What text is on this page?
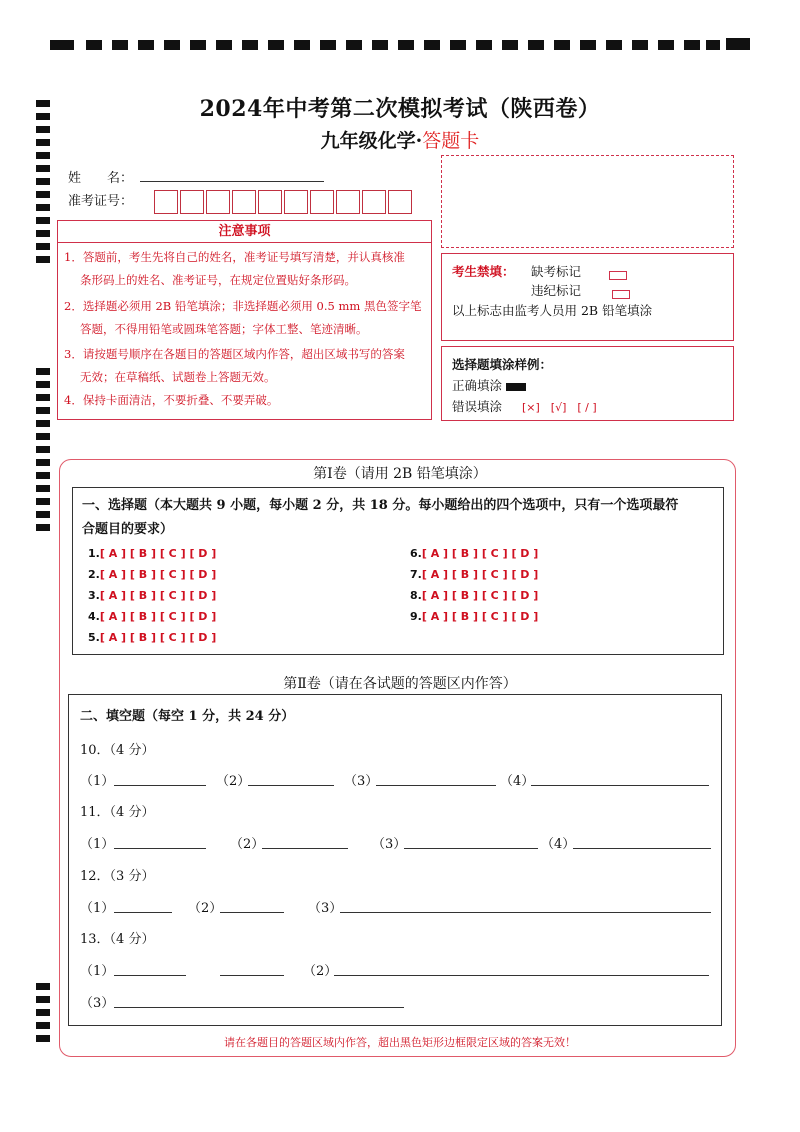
2024年中考第二次模拟考试（陕西卷）
九年级化学·答题卡
姓　　名：
准考证号：
注意事项
1．答题前，考生先将自己的姓名，准考证号填写清楚，并认真核准
条形码上的姓名、准考证号，在规定位置贴好条形码。
2．选择题必须用 2B 铅笔填涂；非选择题必须用 0.5 mm 黑色签字笔
答题，不得用铅笔或圆珠笔答题；字体工整、笔迹清晰。
3．请按题号顺序在各题目的答题区域内作答，超出区域书写的答案
无效；在草稿纸、试题卷上答题无效。
4．保持卡面清洁，不要折叠、不要弄破。
考生禁填： 缺考标记
违纪标记
以上标志由监考人员用 2B 铅笔填涂
选择题填涂样例：
正确填涂
错误填涂 [×]　[√]　[ / ]
第Ⅰ卷（请用 2B 铅笔填涂）
一、选择题（本大题共 9 小题，每小题 2 分，共 18 分。每小题给出的四个选项中，只有一个选项最符
合题目的要求）
1.[ A ] [ B ] [ C ] [ D ]
2.[ A ] [ B ] [ C ] [ D ]
3.[ A ] [ B ] [ C ] [ D ]
4.[ A ] [ B ] [ C ] [ D ]
5.[ A ] [ B ] [ C ] [ D ]
6.[ A ] [ B ] [ C ] [ D ]
7.[ A ] [ B ] [ C ] [ D ]
8.[ A ] [ B ] [ C ] [ D ]
9.[ A ] [ B ] [ C ] [ D ]
第Ⅱ卷（请在各试题的答题区内作答）
二、填空题（每空 1 分，共 24 分）
10．（4 分）
（1）	（2）	（3）	（4）
11．（4 分）
（1）	（2）	（3）	（4）
12．（3 分）
（1）	（2）	（3）
13．（4 分）
（1）	（2）
（3）
请在各题目的答题区域内作答，超出黑色矩形边框限定区域的答案无效！
